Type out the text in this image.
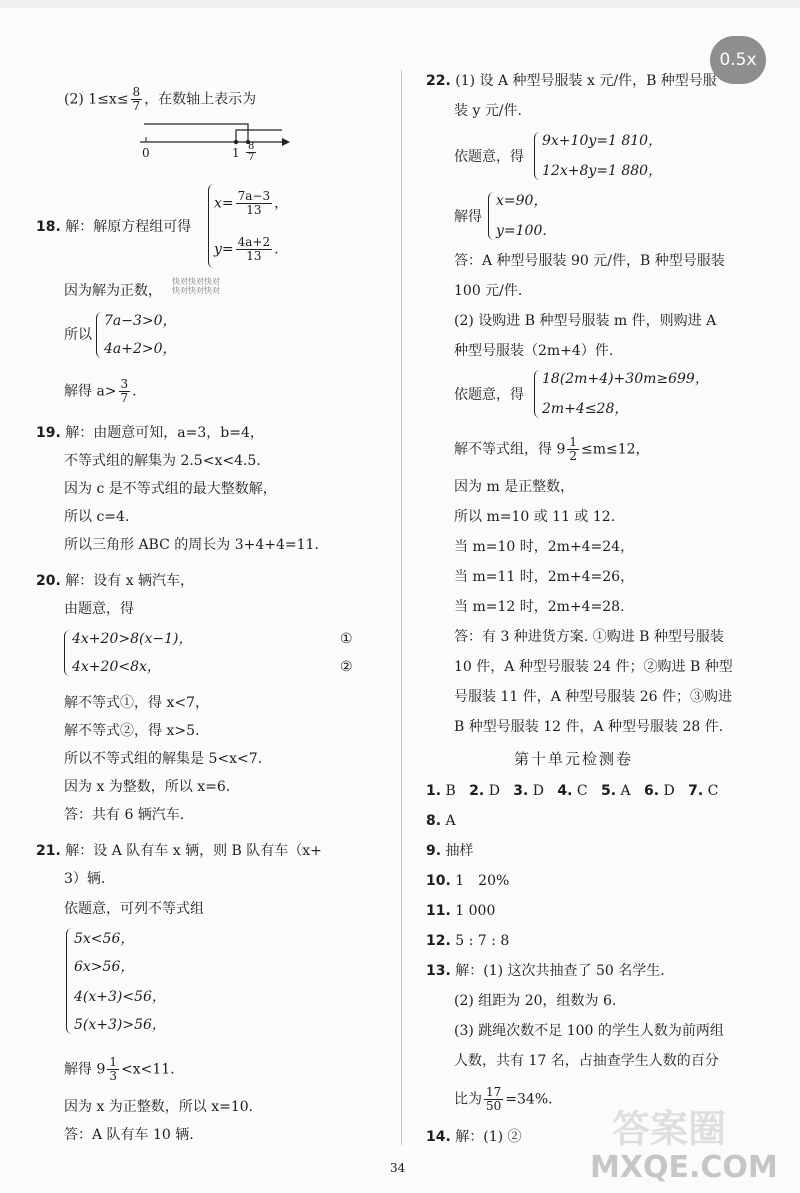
(2) $1\le x\le \frac{8}{7}$ ，在数轴上表示为
0	$1 \frac{8}{7}$
18. 解：解原方程组可得
$x= \frac{7a-3}{13}$ ，
$y= \frac{4a+2}{13}$ .
快对快对快对
快对快对快对
因为解为正数，
所以
7a−3>0，
4a+2>0，
解得 $a> \frac{3}{7}$ .
19. 解：由题意可知，a=3，b=4，
不等式组的解集为 2.5<x<4.5.
因为 c 是不等式组的最大整数解，
所以 c=4.
所以三角形 ABC 的周长为 3+4+4=11.
20. 解：设有 x 辆汽车，
由题意，得
4x+20>8(x−1)，
4x+20<8x，
①
②
解不等式①，得 x<7，
解不等式②，得 x>5.
所以不等式组的解集是 5<x<7.
因为 x 为整数，所以 x=6.
答：共有 6 辆汽车.
21. 解：设 A 队有车 x 辆，则 B 队有车（x+
3）辆.
依题意，可列不等式组
5x<56，
6x>56，
4(x+3)<56，
5(x+3)>56，
解得 $9 \frac{1}{3} <x<11$.
因为 x 为正整数，所以 x=10.
答：A 队有车 10 辆.
22. (1) 设 A 种型号服装 x 元/件，B 种型号服
装 y 元/件.
依题意，得
9x+10y=1 810，
12x+8y=1 880，
解得
x=90，
y=100.
答：A 种型号服装 90 元/件，B 种型号服装
100 元/件.
(2) 设购进 B 种型号服装 m 件，则购进 A
种型号服装（2m+4）件.
依题意，得
18(2m+4)+30m≥699，
2m+4≤28，
解不等式组，得 $9 \frac{1}{2} \le m\le 12$，
因为 m 是正整数，
所以 m=10 或 11 或 12.
当 m=10 时，2m+4=24，
当 m=11 时，2m+4=26，
当 m=12 时，2m+4=28.
答：有 3 种进货方案. ①购进 B 种型号服装
10 件，A 种型号服装 24 件；②购进 B 种型
号服装 11 件，A 种型号服装 26 件；③购进
B 种型号服装 12 件，A 种型号服装 28 件.
第十单元检测卷
1. B 2. D 3. D 4. C 5. A 6. D 7. C
8. A
9. 抽样
10. 1　20%
11. 1 000
12. 5 : 7 : 8
13. 解：(1) 这次共抽查了 50 名学生.
(2) 组距为 20，组数为 6.
(3) 跳绳次数不足 100 的学生人数为前两组
人数，共有 17 名，占抽查学生人数的百分
比为 $\frac{17}{50} =34\%$.
14. 解：(1) ②
34
0.5x
答案圈
MXQE.COM
